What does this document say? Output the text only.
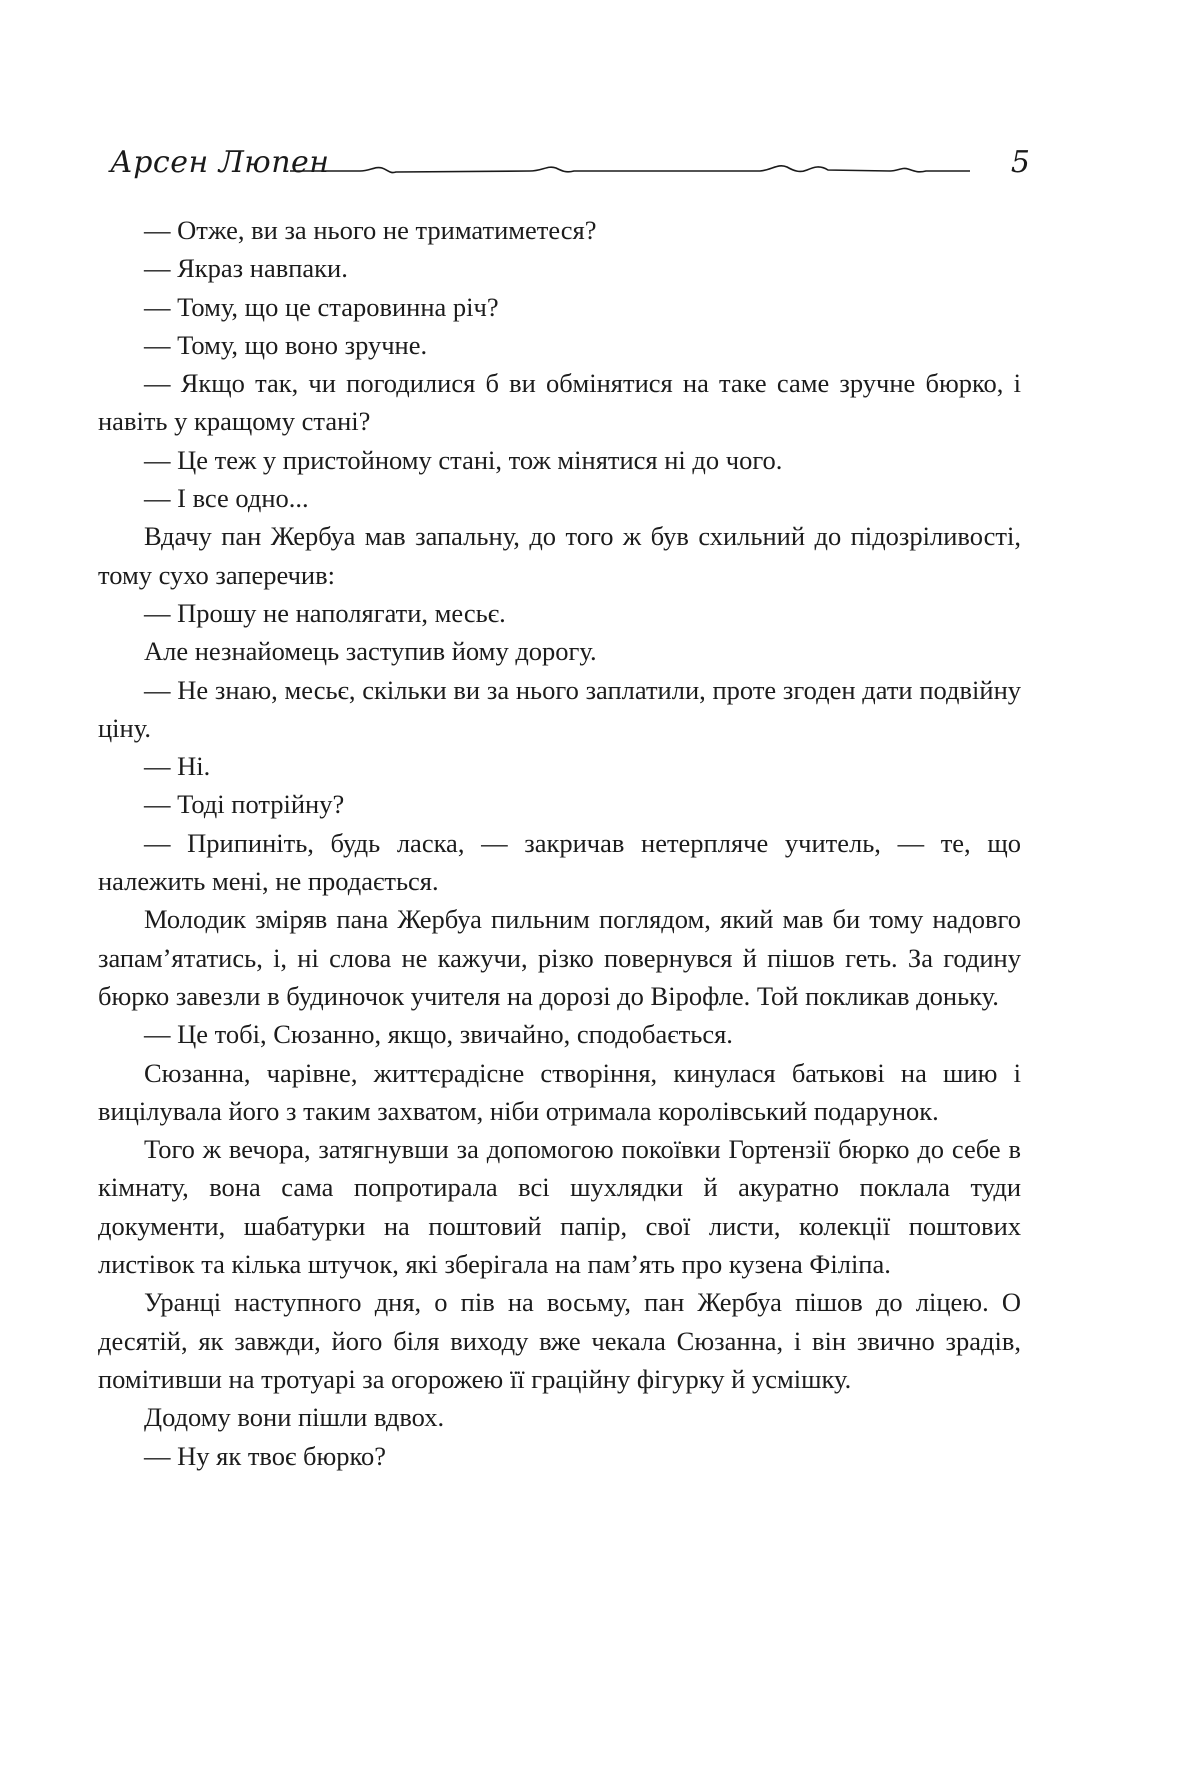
Арсен Люпен	5

— Отже, ви за нього не триматиметеся?

— Якраз навпаки.

— Тому, що це старовинна річ?

— Тому, що воно зручне.

— Якщо так, чи погодилися б ви обмінятися на таке саме зручне бюрко, і навіть у кращому стані?

— Це теж у пристойному стані, тож мінятися ні до чого.

— І все одно...

Вдачу пан Жербуа мав запальну, до того ж був схильний до підозріливості, тому сухо заперечив:

— Прошу не наполягати, месьє.

Але незнайомець заступив йому дорогу.

— Не знаю, месьє, скільки ви за нього заплатили, проте згоден дати подвійну ціну.

— Ні.

— Тоді потрійну?

— Припиніть, будь ласка, — закричав нетерпляче учитель, — те, що належить мені, не продається.

Молодик зміряв пана Жербуа пильним поглядом, який мав би тому надовго запам’ятатись, і, ні слова не кажучи, різко повернувся й пішов геть. За годину бюрко завезли в будиночок учителя на дорозі до Вірофле. Той покликав доньку.

— Це тобі, Сюзанно, якщо, звичайно, сподобається.

Сюзанна, чарівне, життєрадісне створіння, кинулася батькові на шию і вицілувала його з таким захватом, ніби отримала королівський подарунок.

Того ж вечора, затягнувши за допомогою покоївки Гортензії бюрко до себе в кімнату, вона сама попротирала всі шухлядки й акуратно поклала туди документи, шабатурки на поштовий папір, свої листи, колекції поштових листівок та кілька штучок, які зберігала на пам’ять про кузена Філіпа.

Уранці наступного дня, о пів на восьму, пан Жербуа пішов до ліцею. О десятій, як завжди, його біля виходу вже чекала Сюзанна, і він звично зрадів, помітивши на тротуарі за огорожею її граційну фігурку й усмішку.

Додому вони пішли вдвох.

— Ну як твоє бюрко?
